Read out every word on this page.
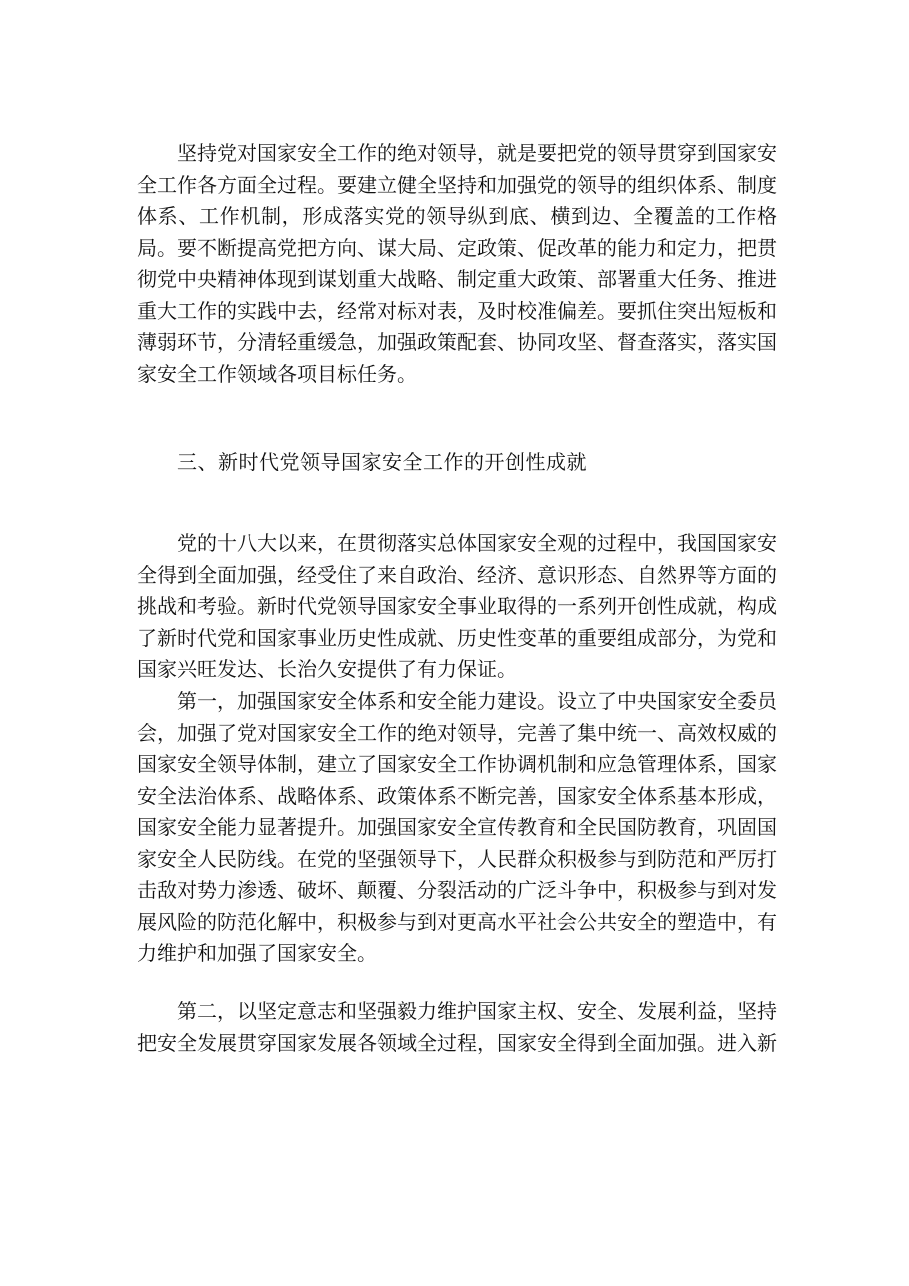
坚持党对国家安全工作的绝对领导，就是要把党的领导贯穿到国家安全工作各方面全过程。要建立健全坚持和加强党的领导的组织体系、制度体系、工作机制，形成落实党的领导纵到底、横到边、全覆盖的工作格局。要不断提高党把方向、谋大局、定政策、促改革的能力和定力，把贯彻党中央精神体现到谋划重大战略、制定重大政策、部署重大任务、推进重大工作的实践中去，经常对标对表，及时校准偏差。要抓住突出短板和薄弱环节，分清轻重缓急，加强政策配套、协同攻坚、督查落实，落实国家安全工作领域各项目标任务。

三、新时代党领导国家安全工作的开创性成就

党的十八大以来，在贯彻落实总体国家安全观的过程中，我国国家安全得到全面加强，经受住了来自政治、经济、意识形态、自然界等方面的 挑战和考验。新时代党领导国家安全事业取得的一系列开创性成就，构成 了新时代党和国家事业历史性成就、历史性变革的重要组成部分，为党和 国家兴旺发达、长治久安提供了有力保证。

第一，加强国家安全体系和安全能力建设。设立了中央国家安全委员会，加强了党对国家安全工作的绝对领导，完善了集中统一、高效权威的国家安全领导体制，建立了国家安全工作协调机制和应急管理体系，国家安全法治体系、战略体系、政策体系不断完善，国家安全体系基本形成，国家安全能力显著提升。加强国家安全宣传教育和全民国防教育，巩固国家安全人民防线。在党的坚强领导下，人民群众积极参与到防范和严厉打击敌对势力渗透、破坏、颠覆、分裂活动的广泛斗争中，积极参与到对发 展风险的防范化解中，积极参与到对更高水平社会公共安全的塑造中，有 力维护和加强了国家安全。

第二，以坚定意志和坚强毅力维护国家主权、安全、发展利益，坚持把安全发展贯穿国家发展各领域全过程，国家安全得到全面加强。进入新
